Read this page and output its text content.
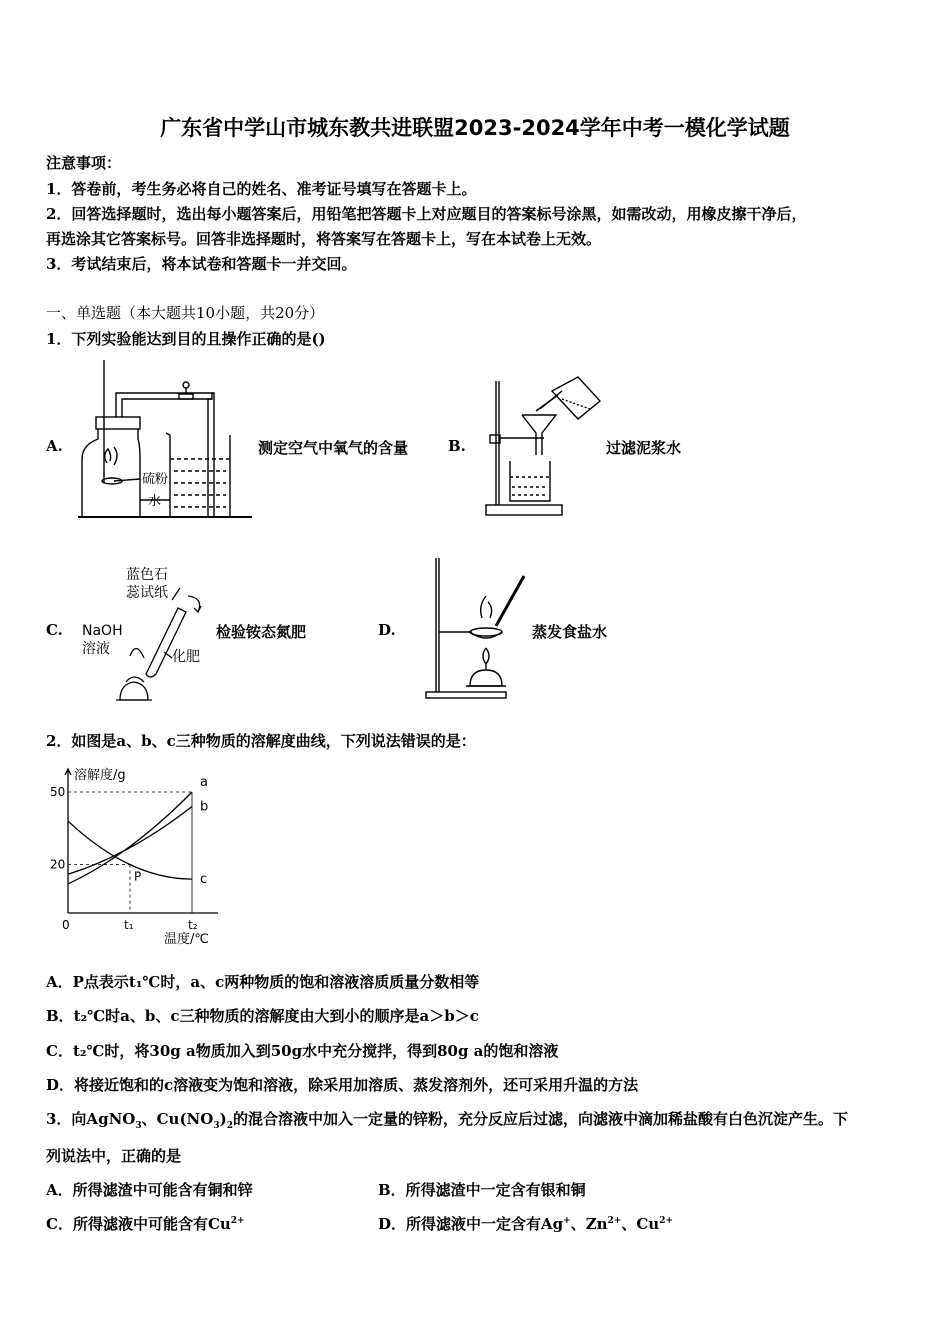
广东省中学山市城东教共进联盟2023-2024学年中考一模化学试题
注意事项：
1．答卷前，考生务必将自己的姓名、准考证号填写在答题卡上。
2．回答选择题时，选出每小题答案后，用铅笔把答题卡上对应题目的答案标号涂黑，如需改动，用橡皮擦干净后，
再选涂其它答案标号。回答非选择题时，将答案写在答题卡上，写在本试卷上无效。
3．考试结束后，将本试卷和答题卡一并交回。
一、单选题（本大题共10小题，共20分）
1．下列实验能达到目的且操作正确的是()
A.
硫粉
水
测定空气中氧气的含量	B.	过滤泥浆水
C.
蓝色石
蕊试纸
NaOH
溶液	化肥
检验铵态氮肥	D.	蒸发食盐水
2．如图是a、b、c三种物质的溶解度曲线，下列说法错误的是：
a
b
c
50
20
0	t₁	t₂
溶解度/g
温度/℃
P
A．P点表示t₁℃时，a、c两种物质的饱和溶液溶质质量分数相等
B．t₂℃时a、b、c三种物质的溶解度由大到小的顺序是a＞b＞c
C．t₂℃时，将30g a物质加入到50g水中充分搅拌，得到80g a的饱和溶液
D．将接近饱和的c溶液变为饱和溶液，除采用加溶质、蒸发溶剂外，还可采用升温的方法
3．向AgNO$_3$、$Cu(NO_3)_2$的混合溶液中加入一定量的锌粉，充分反应后过滤，向滤液中滴加稀盐酸有白色沉淀产生。下
列说法中，正确的是
A．所得滤渣中可能含有铜和锌	B．所得滤渣中一定含有银和铜
C．所得滤液中可能含有$Cu^{2+}$	D．所得滤液中一定含有Ag+、$Zn^{2+}$、$Cu^{2+}$
